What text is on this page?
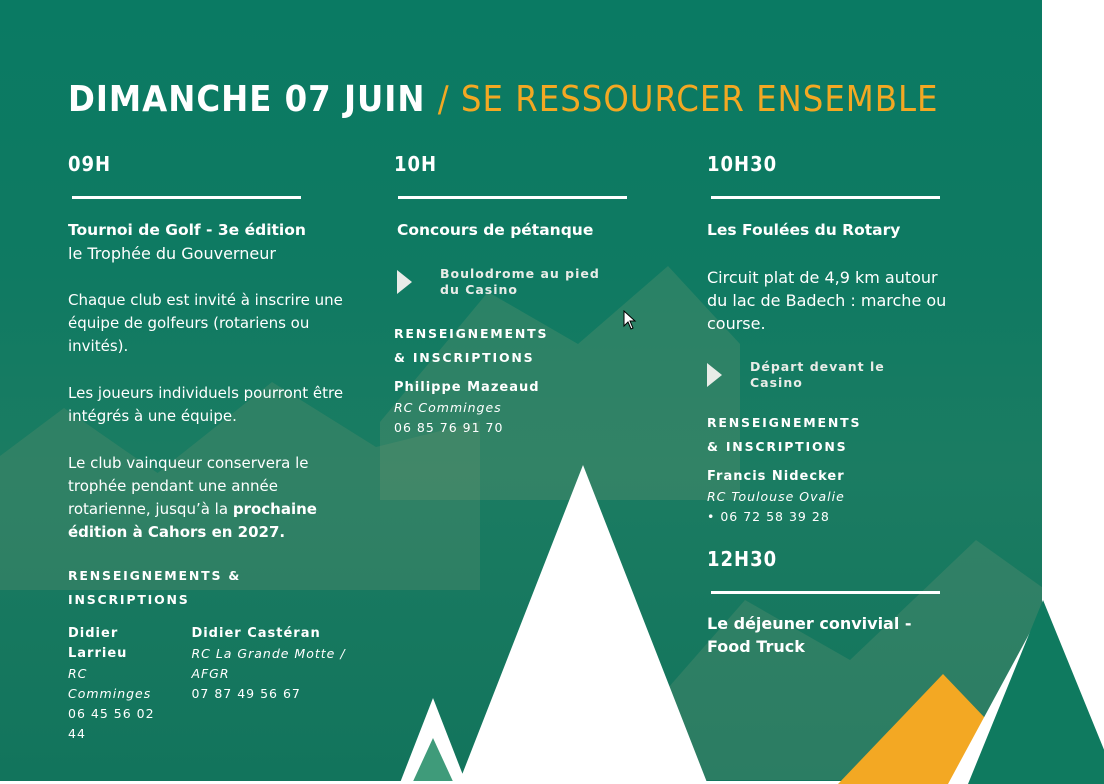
DIMANCHE 07 JUIN / SE RESSOURCER ENSEMBLE

09H

Tournoi de Golf - 3e édition

le Trophée du Gouverneur

Chaque club est invité à inscrire une équipe de golfeurs (rotariens ou invités).

Les joueurs individuels pourront être intégrés à une équipe.

Le club vainqueur conservera le trophée pendant une année rotarienne, jusqu’à la prochaine édition à Cahors en 2027.

RENSEIGNEMENTS & INSCRIPTIONS

Didier Larrieu

RC Comminges

06 45 56 02 44

Didier Castéran

RC La Grande Motte / AFGR

07 87 49 56 67

10H

Concours de pétanque

Boulodrome au pied du Casino

RENSEIGNEMENTS

& INSCRIPTIONS

Philippe Mazeaud

RC Comminges

06 85 76 91 70

10H30

Les Foulées du Rotary

Circuit plat de 4,9 km autour du lac de Badech : marche ou course.

Départ devant le Casino

RENSEIGNEMENTS

& INSCRIPTIONS

Francis Nidecker

RC Toulouse Ovalie

• 06 72 58 39 28

12H30

Le déjeuner convivial - Food Truck
